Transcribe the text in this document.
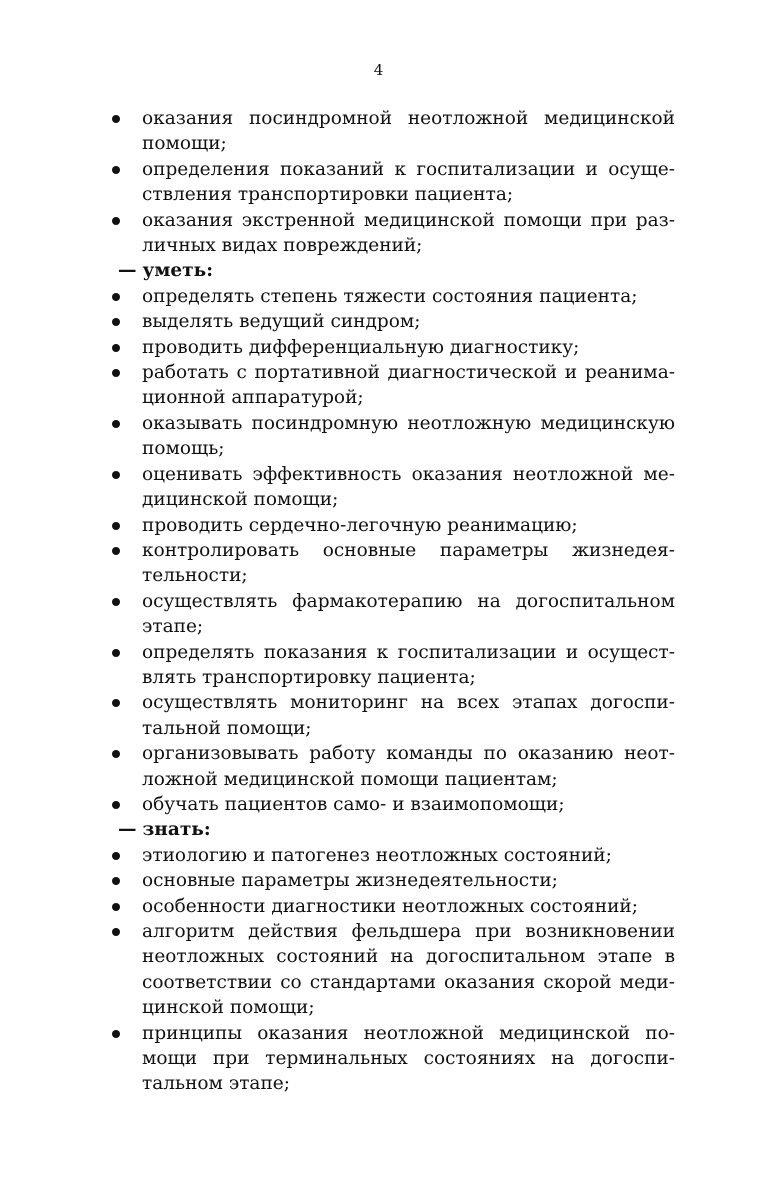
4
оказания посиндромной неотложной медицинской помощи;
определения показаний к госпитализации и осуществления транспортировки пациента;
оказания экстренной медицинской помощи при различных видах повреждений;
— уметь:
определять степень тяжести состояния пациента;
выделять ведущий синдром;
проводить дифференциальную диагностику;
работать с портативной диагностической и реанимационной аппаратурой;
оказывать посиндромную неотложную медицинскую помощь;
оценивать эффективность оказания неотложной медицинской помощи;
проводить сердечно-легочную реанимацию;
контролировать основные параметры жизнедеятельности;
осуществлять фармакотерапию на догоспитальном этапе;
определять показания к госпитализации и осуществлять транспортировку пациента;
осуществлять мониторинг на всех этапах догоспитальной помощи;
организовывать работу команды по оказанию неотложной медицинской помощи пациентам;
обучать пациентов само- и взаимопомощи;
— знать:
этиологию и патогенез неотложных состояний;
основные параметры жизнедеятельности;
особенности диагностики неотложных состояний;
алгоритм действия фельдшера при возникновении неотложных состояний на догоспитальном этапе в соответствии со стандартами оказания скорой медицинской помощи;
принципы оказания неотложной медицинской помощи при терминальных состояниях на догоспитальном этапе;
